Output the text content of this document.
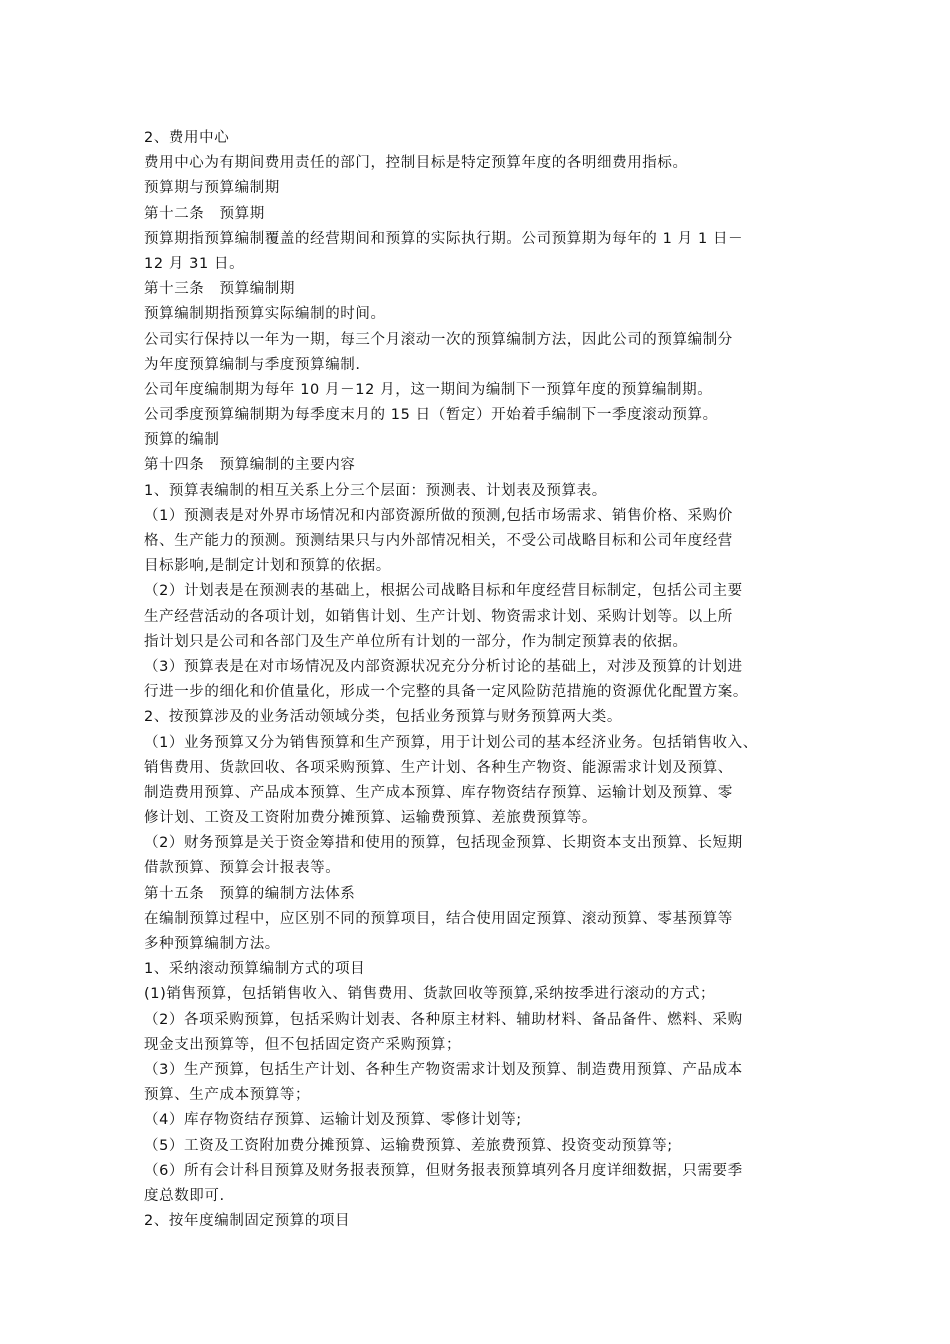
2、费用中心
费用中心为有期间费用责任的部门，控制目标是特定预算年度的各明细费用指标。
预算期与预算编制期
第十二条　预算期
预算期指预算编制覆盖的经营期间和预算的实际执行期。公司预算期为每年的 1 月 1 日－
12 月 31 日。
第十三条　预算编制期
预算编制期指预算实际编制的时间。
公司实行保持以一年为一期，每三个月滚动一次的预算编制方法，因此公司的预算编制分
为年度预算编制与季度预算编制.
公司年度编制期为每年 10 月－12 月，这一期间为编制下一预算年度的预算编制期。
公司季度预算编制期为每季度末月的 15 日（暂定）开始着手编制下一季度滚动预算。
预算的编制
第十四条　预算编制的主要内容
1、预算表编制的相互关系上分三个层面：预测表、计划表及预算表。
（1）预测表是对外界市场情况和内部资源所做的预测,包括市场需求、销售价格、采购价
格、生产能力的预测。预测结果只与内外部情况相关，不受公司战略目标和公司年度经营
目标影响,是制定计划和预算的依据。
（2）计划表是在预测表的基础上，根据公司战略目标和年度经营目标制定，包括公司主要
生产经营活动的各项计划，如销售计划、生产计划、物资需求计划、采购计划等。以上所
指计划只是公司和各部门及生产单位所有计划的一部分，作为制定预算表的依据。
（3）预算表是在对市场情况及内部资源状况充分分析讨论的基础上，对涉及预算的计划进
行进一步的细化和价值量化，形成一个完整的具备一定风险防范措施的资源优化配置方案。
2、按预算涉及的业务活动领域分类，包括业务预算与财务预算两大类。
（1）业务预算又分为销售预算和生产预算，用于计划公司的基本经济业务。包括销售收入、
销售费用、货款回收、各项采购预算、生产计划、各种生产物资、能源需求计划及预算、
制造费用预算、产品成本预算、生产成本预算、库存物资结存预算、运输计划及预算、零
修计划、工资及工资附加费分摊预算、运输费预算、差旅费预算等。
（2）财务预算是关于资金筹措和使用的预算，包括现金预算、长期资本支出预算、长短期
借款预算、预算会计报表等。
第十五条　预算的编制方法体系
在编制预算过程中，应区别不同的预算项目，结合使用固定预算、滚动预算、零基预算等
多种预算编制方法。
1、采纳滚动预算编制方式的项目
(1)销售预算，包括销售收入、销售费用、货款回收等预算,采纳按季进行滚动的方式；
（2）各项采购预算，包括采购计划表、各种原主材料、辅助材料、备品备件、燃料、采购
现金支出预算等，但不包括固定资产采购预算；
（3）生产预算，包括生产计划、各种生产物资需求计划及预算、制造费用预算、产品成本
预算、生产成本预算等；
（4）库存物资结存预算、运输计划及预算、零修计划等;
（5）工资及工资附加费分摊预算、运输费预算、差旅费预算、投资变动预算等;
（6）所有会计科目预算及财务报表预算，但财务报表预算填列各月度详细数据，只需要季
度总数即可.
2、按年度编制固定预算的项目
